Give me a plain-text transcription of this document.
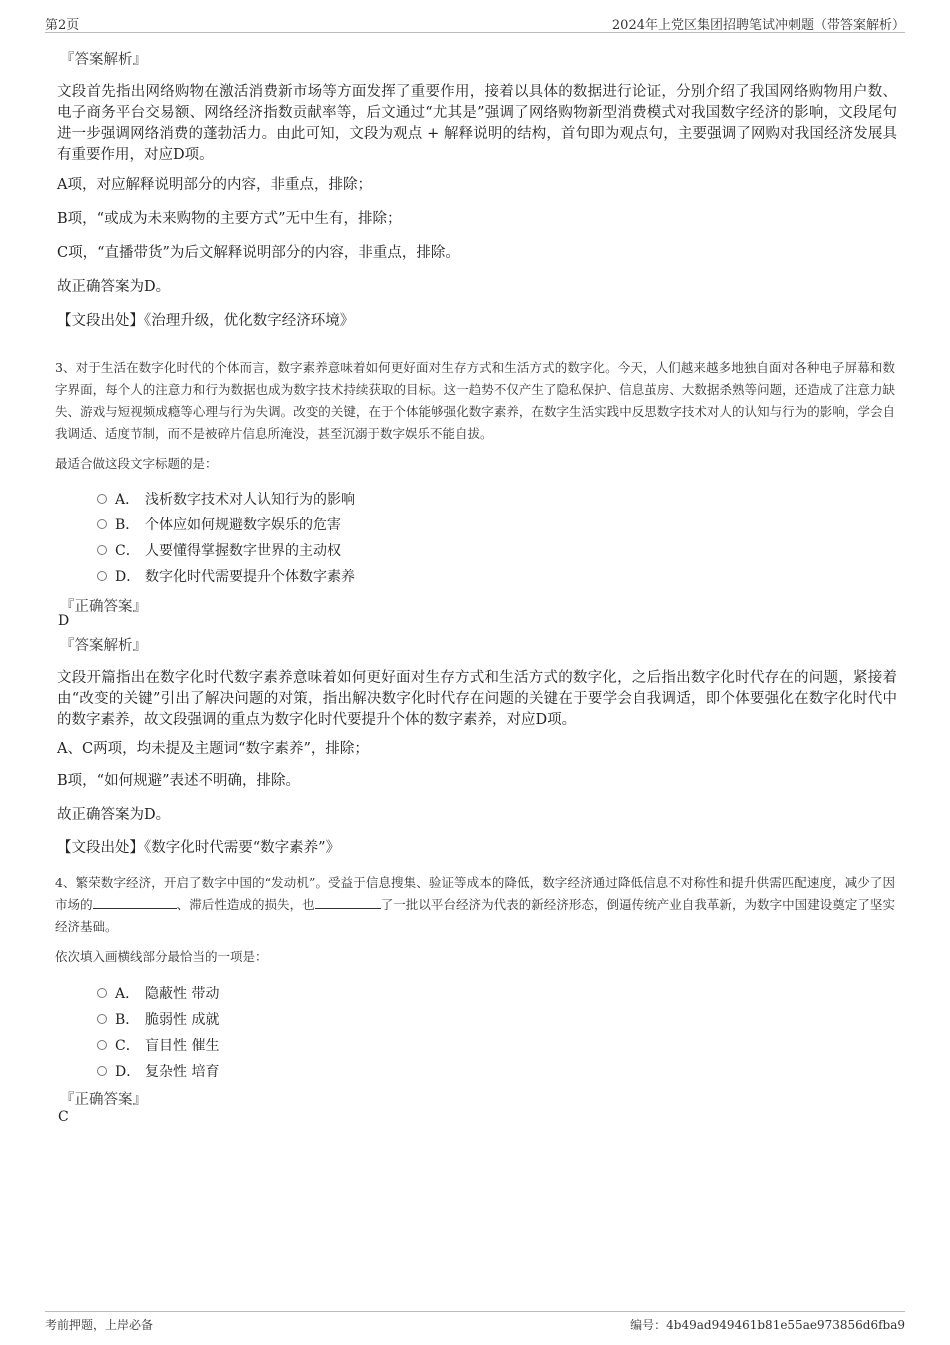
第2页	2024年上党区集团招聘笔试冲刺题（带答案解析）
『答案解析』
文段首先指出网络购物在激活消费新市场等方面发挥了重要作用，接着以具体的数据进行论证，分别介绍了我国网络购物用户数、电子商务平台交易额、网络经济指数贡献率等，后文通过“尤其是”强调了网络购物新型消费模式对我国数字经济的影响，文段尾句进一步强调网络消费的蓬勃活力。由此可知，文段为观点 + 解释说明的结构，首句即为观点句，主要强调了网购对我国经济发展具有重要作用，对应D项。
A项，对应解释说明部分的内容，非重点，排除；
B项，“或成为未来购物的主要方式”无中生有，排除；
C项，“直播带货”为后文解释说明部分的内容，非重点，排除。
故正确答案为D。
【文段出处】《治理升级，优化数字经济环境》
3、对于生活在数字化时代的个体而言，数字素养意味着如何更好面对生存方式和生活方式的数字化。今天，人们越来越多地独自面对各种电子屏幕和数字界面，每个人的注意力和行为数据也成为数字技术持续获取的目标。这一趋势不仅产生了隐私保护、信息茧房、大数据杀熟等问题，还造成了注意力缺失、游戏与短视频成瘾等心理与行为失调。改变的关键，在于个体能够强化数字素养，在数字生活实践中反思数字技术对人的认知与行为的影响，学会自我调适、适度节制，而不是被碎片信息所淹没，甚至沉溺于数字娱乐不能自拔。
最适合做这段文字标题的是：
A． 浅析数字技术对人认知行为的影响
B． 个体应如何规避数字娱乐的危害
C． 人要懂得掌握数字世界的主动权
D． 数字化时代需要提升个体数字素养
『正确答案』
D
『答案解析』
文段开篇指出在数字化时代数字素养意味着如何更好面对生存方式和生活方式的数字化，之后指出数字化时代存在的问题，紧接着由“改变的关键”引出了解决问题的对策，指出解决数字化时代存在问题的关键在于要学会自我调适，即个体要强化在数字化时代中的数字素养，故文段强调的重点为数字化时代要提升个体的数字素养，对应D项。
A、C两项，均未提及主题词“数字素养”，排除；
B项，“如何规避”表述不明确，排除。
故正确答案为D。
【文段出处】《数字化时代需要“数字素养”》
4、繁荣数字经济，开启了数字中国的“发动机”。受益于信息搜集、验证等成本的降低，数字经济通过降低信息不对称性和提升供需匹配速度，减少了因市场的	、滞后性造成的损失，也	了一批以平台经济为代表的新经济形态，倒逼传统产业自我革新，为数字中国建设奠定了坚实经济基础。
依次填入画横线部分最恰当的一项是：
A． 隐蔽性 带动
B． 脆弱性 成就
C． 盲目性 催生
D． 复杂性 培育
『正确答案』
C
考前押题，上岸必备	编号：4b49ad949461b81e55ae973856d6fba9
